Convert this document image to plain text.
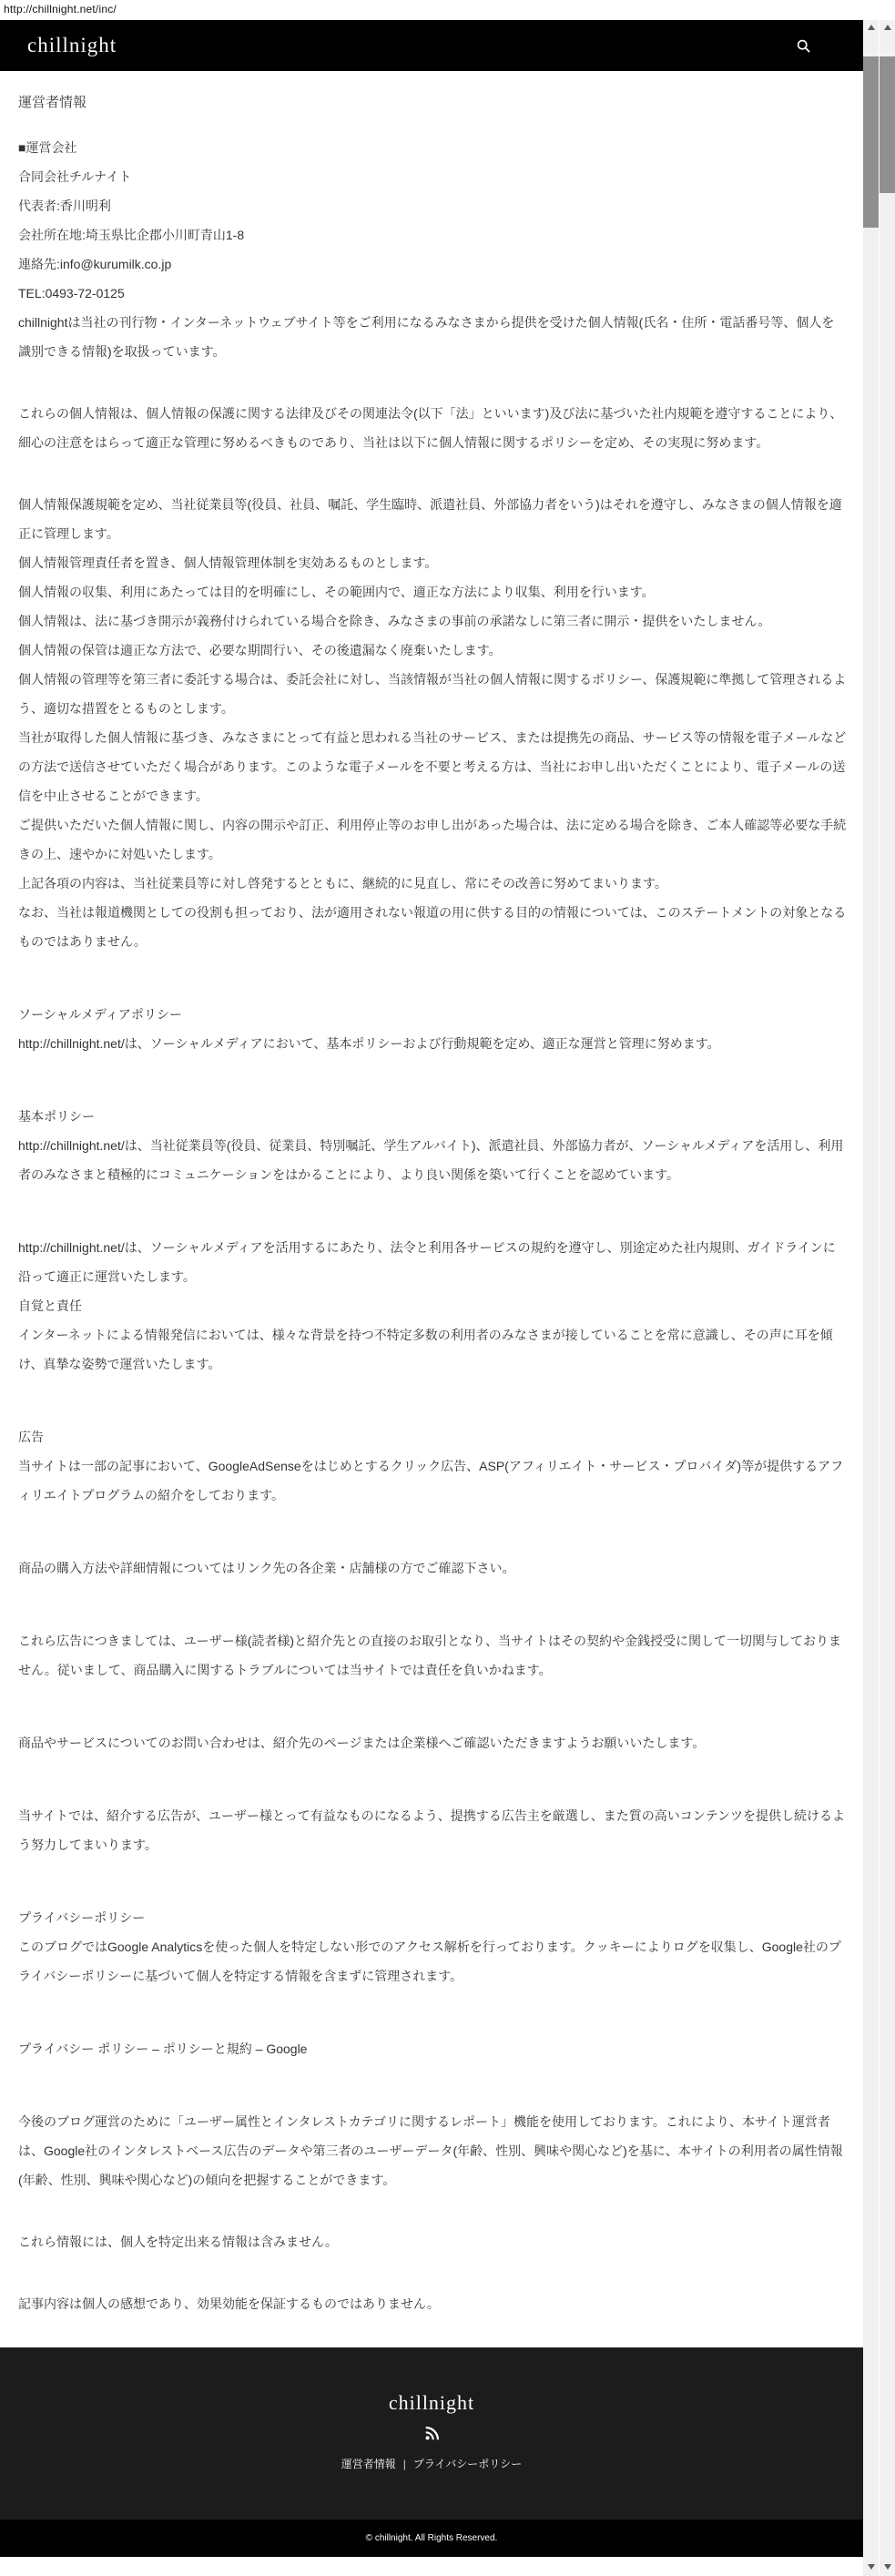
http://chillnight.net/inc/
chillnight
運営者情報
■運営会社
合同会社チルナイト
代表者:香川明利
会社所在地:埼玉県比企郡小川町青山1-8
連絡先:info@kurumilk.co.jp
TEL:0493-72-0125
chillnightは当社の刊行物・インターネットウェブサイト等をご利用になるみなさまから提供を受けた個人情報(氏名・住所・電話番号等、個人を識別できる情報)を取扱っています。
これらの個人情報は、個人情報の保護に関する法律及びその関連法令(以下「法」といいます)及び法に基づいた社内規範を遵守することにより、細心の注意をはらって適正な管理に努めるべきものであり、当社は以下に個人情報に関するポリシーを定め、その実現に努めます。
個人情報保護規範を定め、当社従業員等(役員、社員、嘱託、学生臨時、派遣社員、外部協力者をいう)はそれを遵守し、みなさまの個人情報を適正に管理します。
個人情報管理責任者を置き、個人情報管理体制を実効あるものとします。
個人情報の収集、利用にあたっては目的を明確にし、その範囲内で、適正な方法により収集、利用を行います。
個人情報は、法に基づき開示が義務付けられている場合を除き、みなさまの事前の承諾なしに第三者に開示・提供をいたしません。
個人情報の保管は適正な方法で、必要な期間行い、その後遺漏なく廃棄いたします。
個人情報の管理等を第三者に委託する場合は、委託会社に対し、当該情報が当社の個人情報に関するポリシー、保護規範に準拠して管理されるよう、適切な措置をとるものとします。
当社が取得した個人情報に基づき、みなさまにとって有益と思われる当社のサービス、または提携先の商品、サービス等の情報を電子メールなどの方法で送信させていただく場合があります。このような電子メールを不要と考える方は、当社にお申し出いただくことにより、電子メールの送信を中止させることができます。
ご提供いただいた個人情報に関し、内容の開示や訂正、利用停止等のお申し出があった場合は、法に定める場合を除き、ご本人確認等必要な手続きの上、速やかに対処いたします。
上記各項の内容は、当社従業員等に対し啓発するとともに、継続的に見直し、常にその改善に努めてまいります。
なお、当社は報道機関としての役割も担っており、法が適用されない報道の用に供する目的の情報については、このステートメントの対象となるものではありません。
ソーシャルメディアポリシー
http://chillnight.net/は、ソーシャルメディアにおいて、基本ポリシーおよび行動規範を定め、適正な運営と管理に努めます。
基本ポリシー
http://chillnight.net/は、当社従業員等(役員、従業員、特別嘱託、学生アルバイト)、派遣社員、外部協力者が、ソーシャルメディアを活用し、利用者のみなさまと積極的にコミュニケーションをはかることにより、より良い関係を築いて行くことを認めています。
http://chillnight.net/は、ソーシャルメディアを活用するにあたり、法令と利用各サービスの規約を遵守し、別途定めた社内規則、ガイドラインに沿って適正に運営いたします。
自覚と責任
インターネットによる情報発信においては、様々な背景を持つ不特定多数の利用者のみなさまが接していることを常に意識し、その声に耳を傾け、真摯な姿勢で運営いたします。
広告
当サイトは一部の記事において、GoogleAdSenseをはじめとするクリック広告、ASP(アフィリエイト・サービス・プロバイダ)等が提供するアフィリエイトプログラムの紹介をしております。
商品の購入方法や詳細情報についてはリンク先の各企業・店舗様の方でご確認下さい。
これら広告につきましては、ユーザー様(読者様)と紹介先との直接のお取引となり、当サイトはその契約や金銭授受に関して一切関与しておりません。従いまして、商品購入に関するトラブルについては当サイトでは責任を負いかねます。
商品やサービスについてのお問い合わせは、紹介先のページまたは企業様へご確認いただきますようお願いいたします。
当サイトでは、紹介する広告が、ユーザー様とって有益なものになるよう、提携する広告主を厳選し、また質の高いコンテンツを提供し続けるよう努力してまいります。
プライバシーポリシー
このブログではGoogle Analyticsを使った個人を特定しない形でのアクセス解析を行っております。クッキーによりログを収集し、Google社のプライバシーポリシーに基づいて個人を特定する情報を含まずに管理されます。
プライバシー ポリシー – ポリシーと規約 – Google
今後のブログ運営のために「ユーザー属性とインタレストカテゴリに関するレポート」機能を使用しております。これにより、本サイト運営者は、Google社のインタレストベース広告のデータや第三者のユーザーデータ(年齢、性別、興味や関心など)を基に、本サイトの利用者の属性情報(年齢、性別、興味や関心など)の傾向を把握することができます。
これら情報には、個人を特定出来る情報は含みません。
記事内容は個人の感想であり、効果効能を保証するものではありません。
chillnight
運営者情報 | プライバシーポリシー
© chillnight. All Rights Reserved.
